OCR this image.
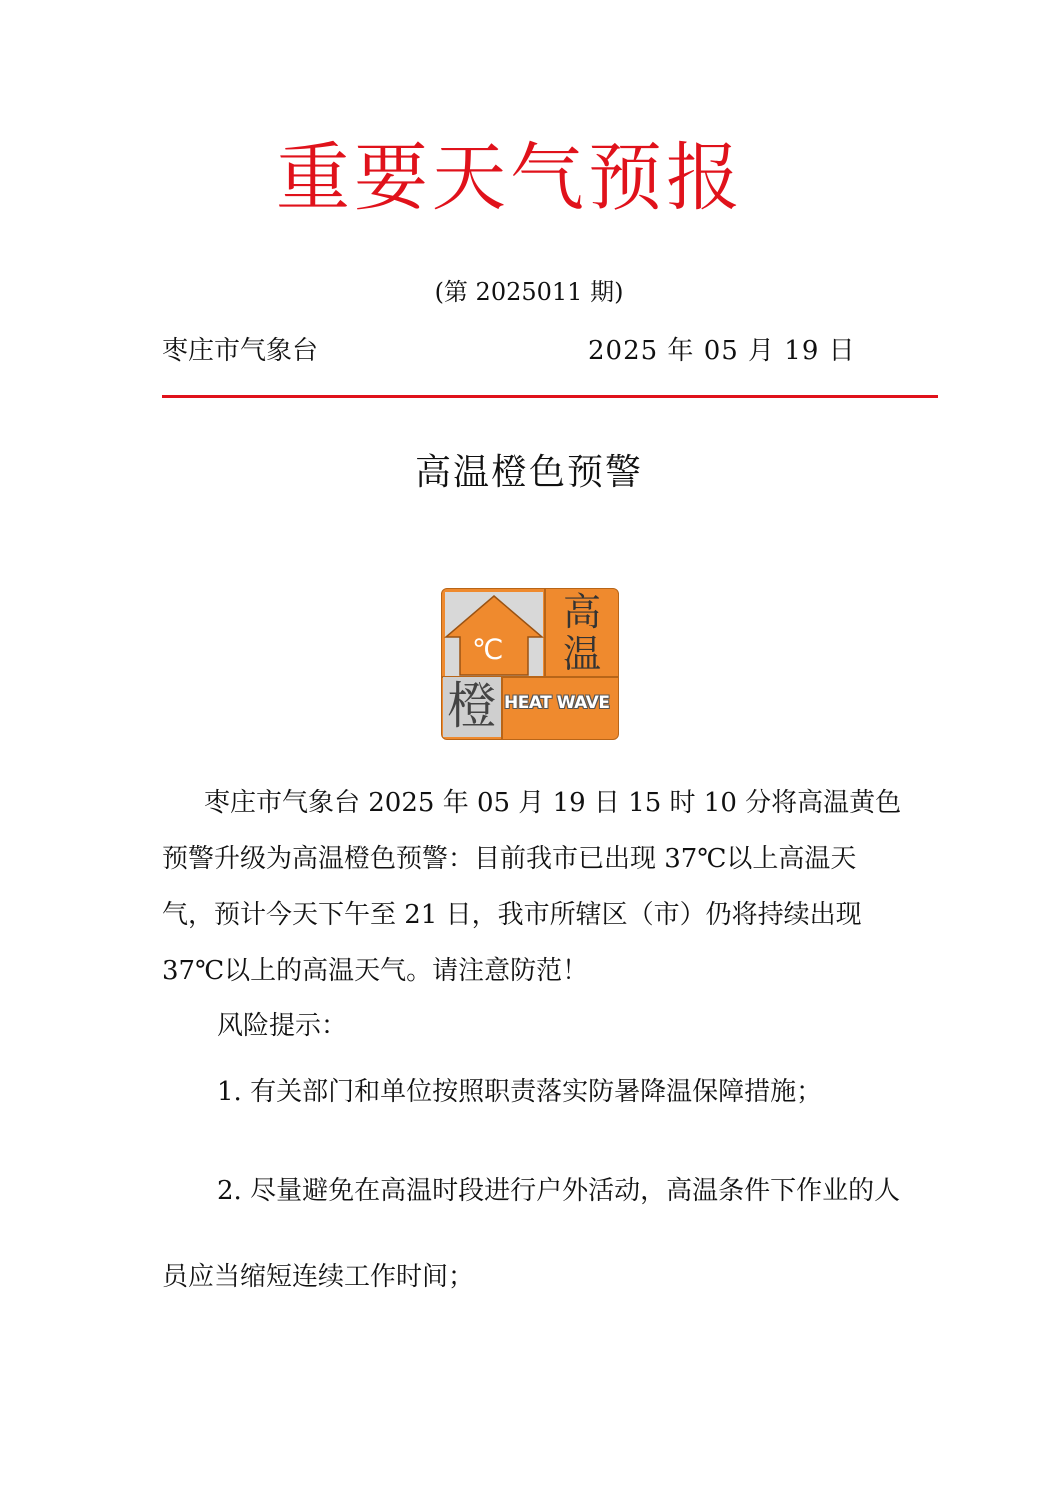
重要天气预报
(第 2025011 期)
枣庄市气象台	2025 年 05 月 19 日
高温橙色预警
℃
高温
橙 HEAT WAVE
枣庄市气象台 2025 年 05 月 19 日 15 时 10 分将高温黄色预警升级为高温橙色预警：目前我市已出现 37℃以上高温天气，预计今天下午至 21 日，我市所辖区（市）仍将持续出现 37℃以上的高温天气。请注意防范！
风险提示：
1. 有关部门和单位按照职责落实防暑降温保障措施；
2. 尽量避免在高温时段进行户外活动，高温条件下作业的人员应当缩短连续工作时间；
